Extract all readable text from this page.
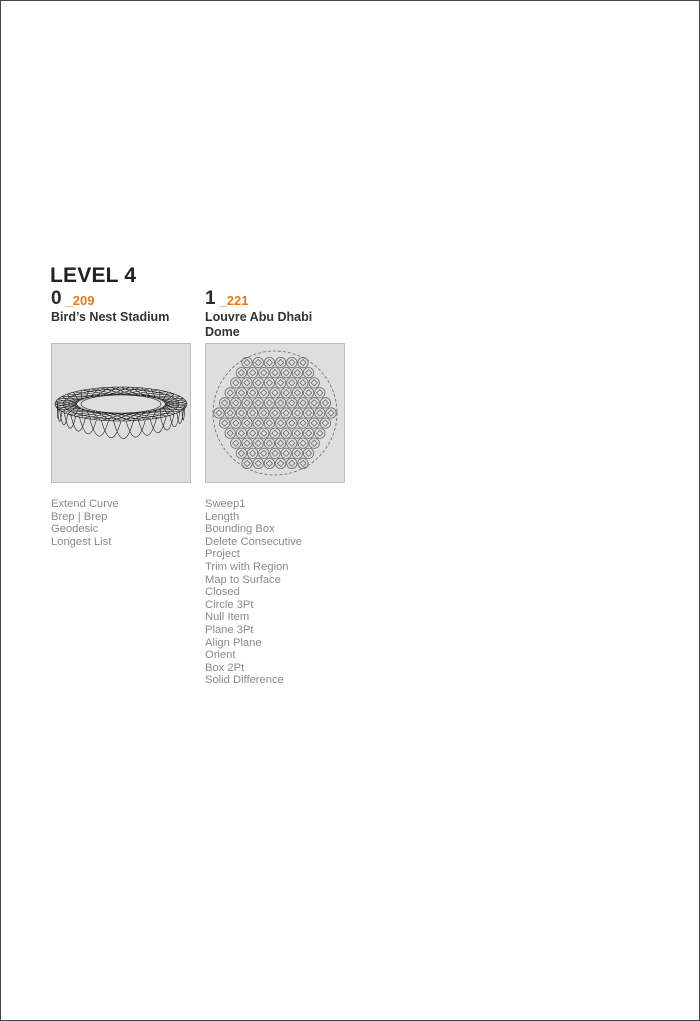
LEVEL 4
0 _209
Bird’s Nest Stadium
Extend Curve
Brep | Brep
Geodesic
Longest List
1 _221
Louvre Abu Dhabi Dome
Sweep1
Length
Bounding Box
Delete Consecutive
Project
Trim with Region
Map to Surface
Closed
Circle 3Pt
Null Item
Plane 3Pt
Align Plane
Orient
Box 2Pt
Solid Difference
